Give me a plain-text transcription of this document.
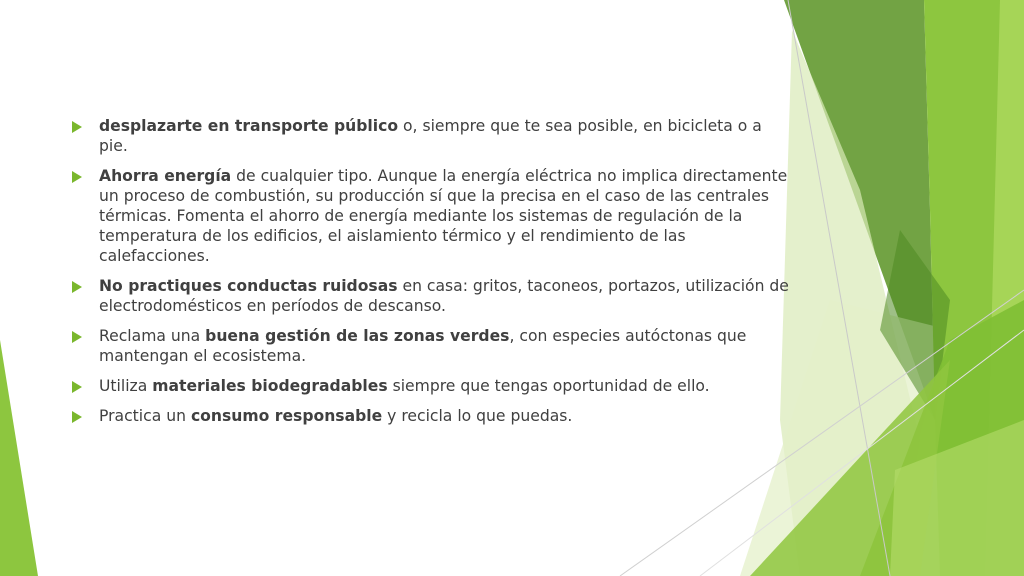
desplazarte en transporte público o, siempre que te sea posible, en bicicleta o a pie.
Ahorra energía de cualquier tipo. Aunque la energía eléctrica no implica directamente un proceso de combustión, su producción sí que la precisa en el caso de las centrales térmicas. Fomenta el ahorro de energía mediante los sistemas de regulación de la temperatura de los edificios, el aislamiento térmico y el rendimiento de las calefacciones.
No practiques conductas ruidosas en casa: gritos, taconeos, portazos, utilización de electrodomésticos en períodos de descanso.
Reclama una buena gestión de las zonas verdes, con especies autóctonas que mantengan el ecosistema.
Utiliza materiales biodegradables siempre que tengas oportunidad de ello.
Practica un consumo responsable y recicla lo que puedas.
